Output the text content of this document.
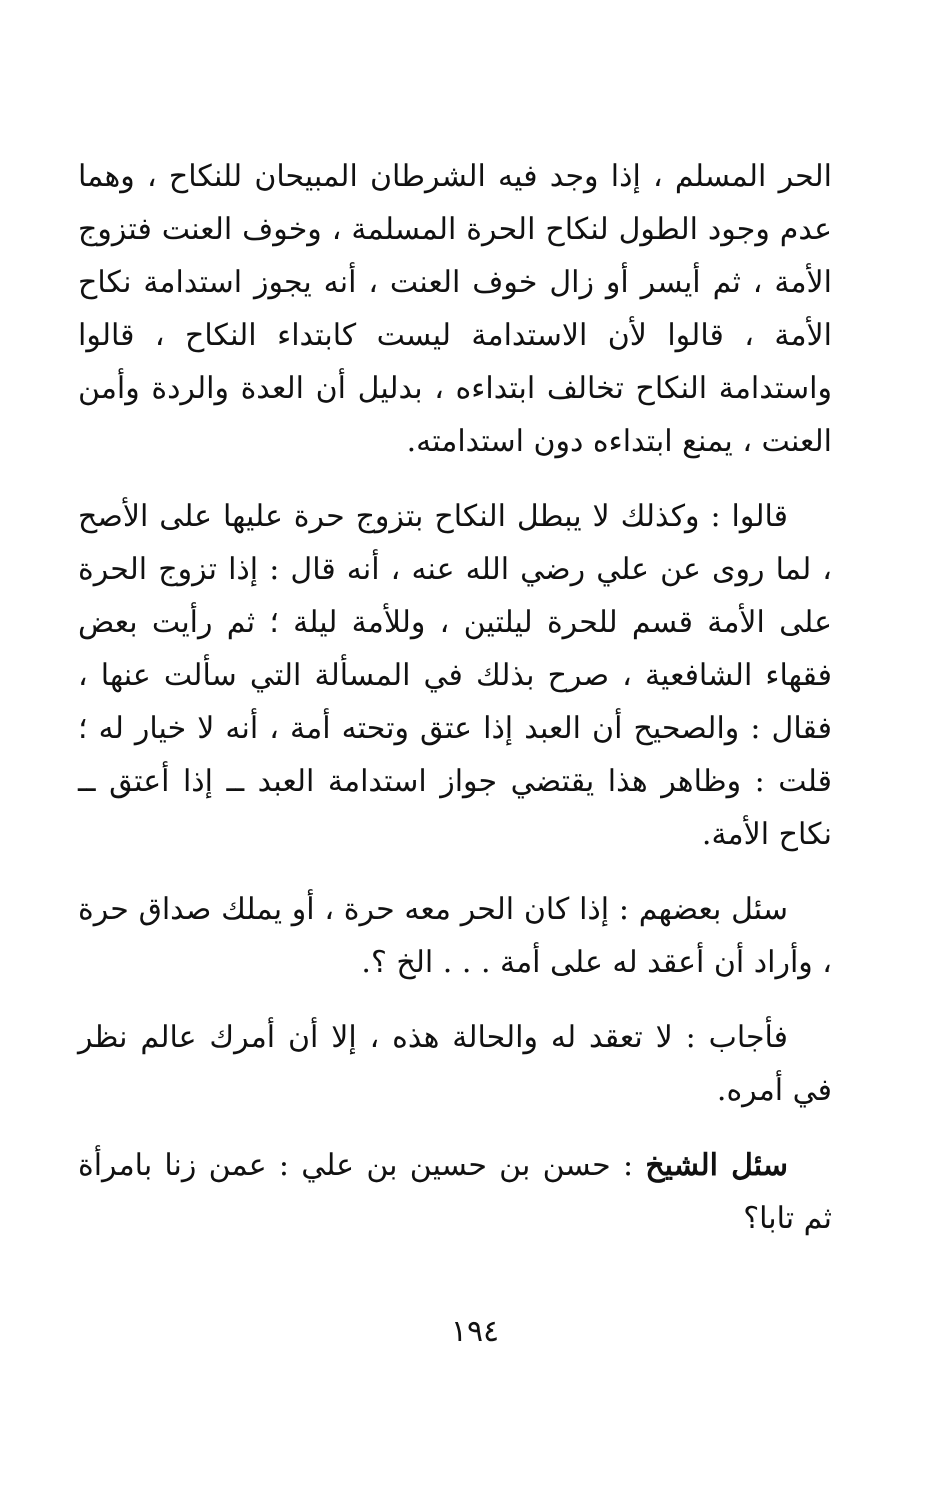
الحر المسلم ، إذا وجد فيه الشرطان المبيحان للنكاح ، وهما عدم وجود الطول لنكاح الحرة المسلمة ، وخوف العنت فتزوج الأمة ، ثم أيسر أو زال خوف العنت ، أنه يجوز استدامة نكاح الأمة ، قالوا لأن الاستدامة ليست كابتداء النكاح ، قالوا واستدامة النكاح تخالف ابتداءه ، بدليل أن العدة والردة وأمن العنت ، يمنع ابتداءه دون استدامته.

قالوا : وكذلك لا يبطل النكاح بتزوج حرة عليها على الأصح ، لما روى عن علي رضي الله عنه ، أنه قال : إذا تزوج الحرة على الأمة قسم للحرة ليلتين ، وللأمة ليلة ؛ ثم رأيت بعض فقهاء الشافعية ، صرح بذلك في المسألة التي سألت عنها ، فقال : والصحيح أن العبد إذا عتق وتحته أمة ، أنه لا خيار له ؛ قلت : وظاهر هذا يقتضي جواز استدامة العبد ــ إذا أعتق ــ نكاح الأمة.

سئل بعضهم : إذا كان الحر معه حرة ، أو يملك صداق حرة ، وأراد أن أعقد له على أمة . . . الخ ؟.

فأجاب : لا تعقد له والحالة هذه ، إلا أن أمرك عالم نظر في أمره.

سئل الشيخ : حسن بن حسين بن علي : عمن زنا بامرأة ثم تابا؟

١٩٤
